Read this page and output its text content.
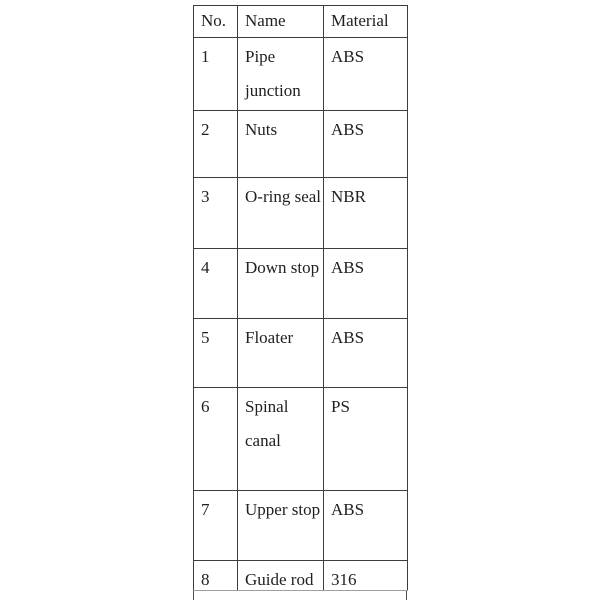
No.	Name	Material
1	Pipe junction	ABS
2	Nuts	ABS
3	O-ring seal	NBR
4	Down stop	ABS
5	Floater	ABS
6	Spinal canal	PS
7	Upper stop	ABS
8	Guide rod	316
